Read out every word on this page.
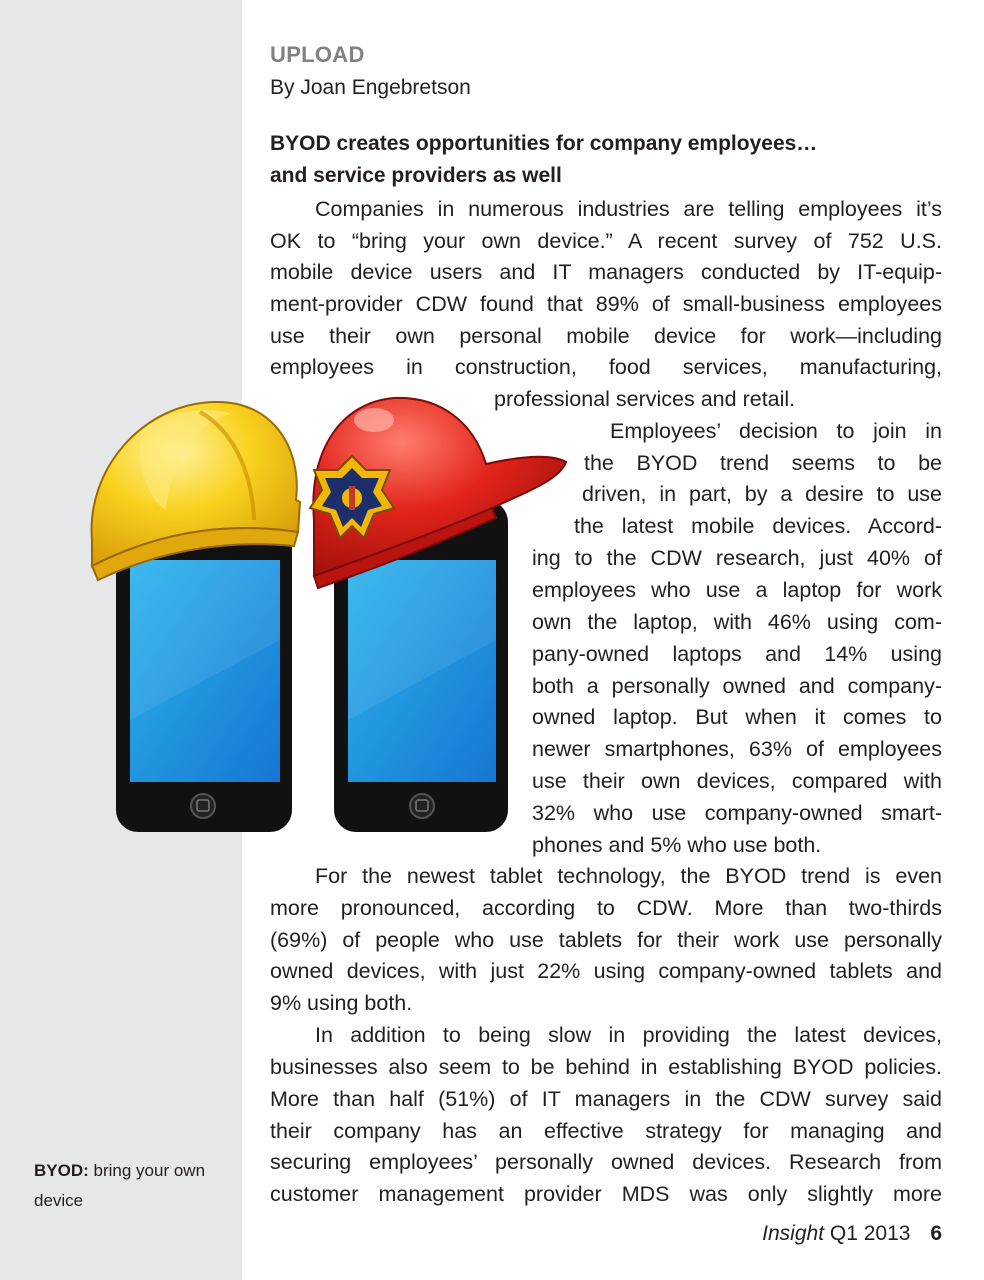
BYOD: bring your own device
UPLOAD
By Joan Engebretson
BYOD creates opportunities for company employees…
and service providers as well
Companies in numerous industries are telling employees it’s
OK to “bring your own device.” A recent survey of 752 U.S.
mobile device users and IT managers conducted by IT-equip-
ment-provider CDW found that 89% of small-business employees
use their own personal mobile device for work—including
employees in construction, food services, manufacturing,
professional services and retail.
Employees’ decision to join in
the BYOD trend seems to be
driven, in part, by a desire to use
the latest mobile devices. Accord-
ing to the CDW research, just 40% of
employees who use a laptop for work
own the laptop, with 46% using com-
pany-owned laptops and 14% using
both a personally owned and company-
owned laptop. But when it comes to
newer smartphones, 63% of employees
use their own devices, compared with
32% who use company-owned smart-
phones and 5% who use both.
For the newest tablet technology, the BYOD trend is even
more pronounced, according to CDW. More than two-thirds
(69%) of people who use tablets for their work use personally
owned devices, with just 22% using company-owned tablets and
9% using both.
In addition to being slow in providing the latest devices,
businesses also seem to be behind in establishing BYOD policies.
More than half (51%) of IT managers in the CDW survey said
their company has an effective strategy for managing and
securing employees’ personally owned devices. Research from
customer management provider MDS was only slightly more
Insight Q1 2013 6
